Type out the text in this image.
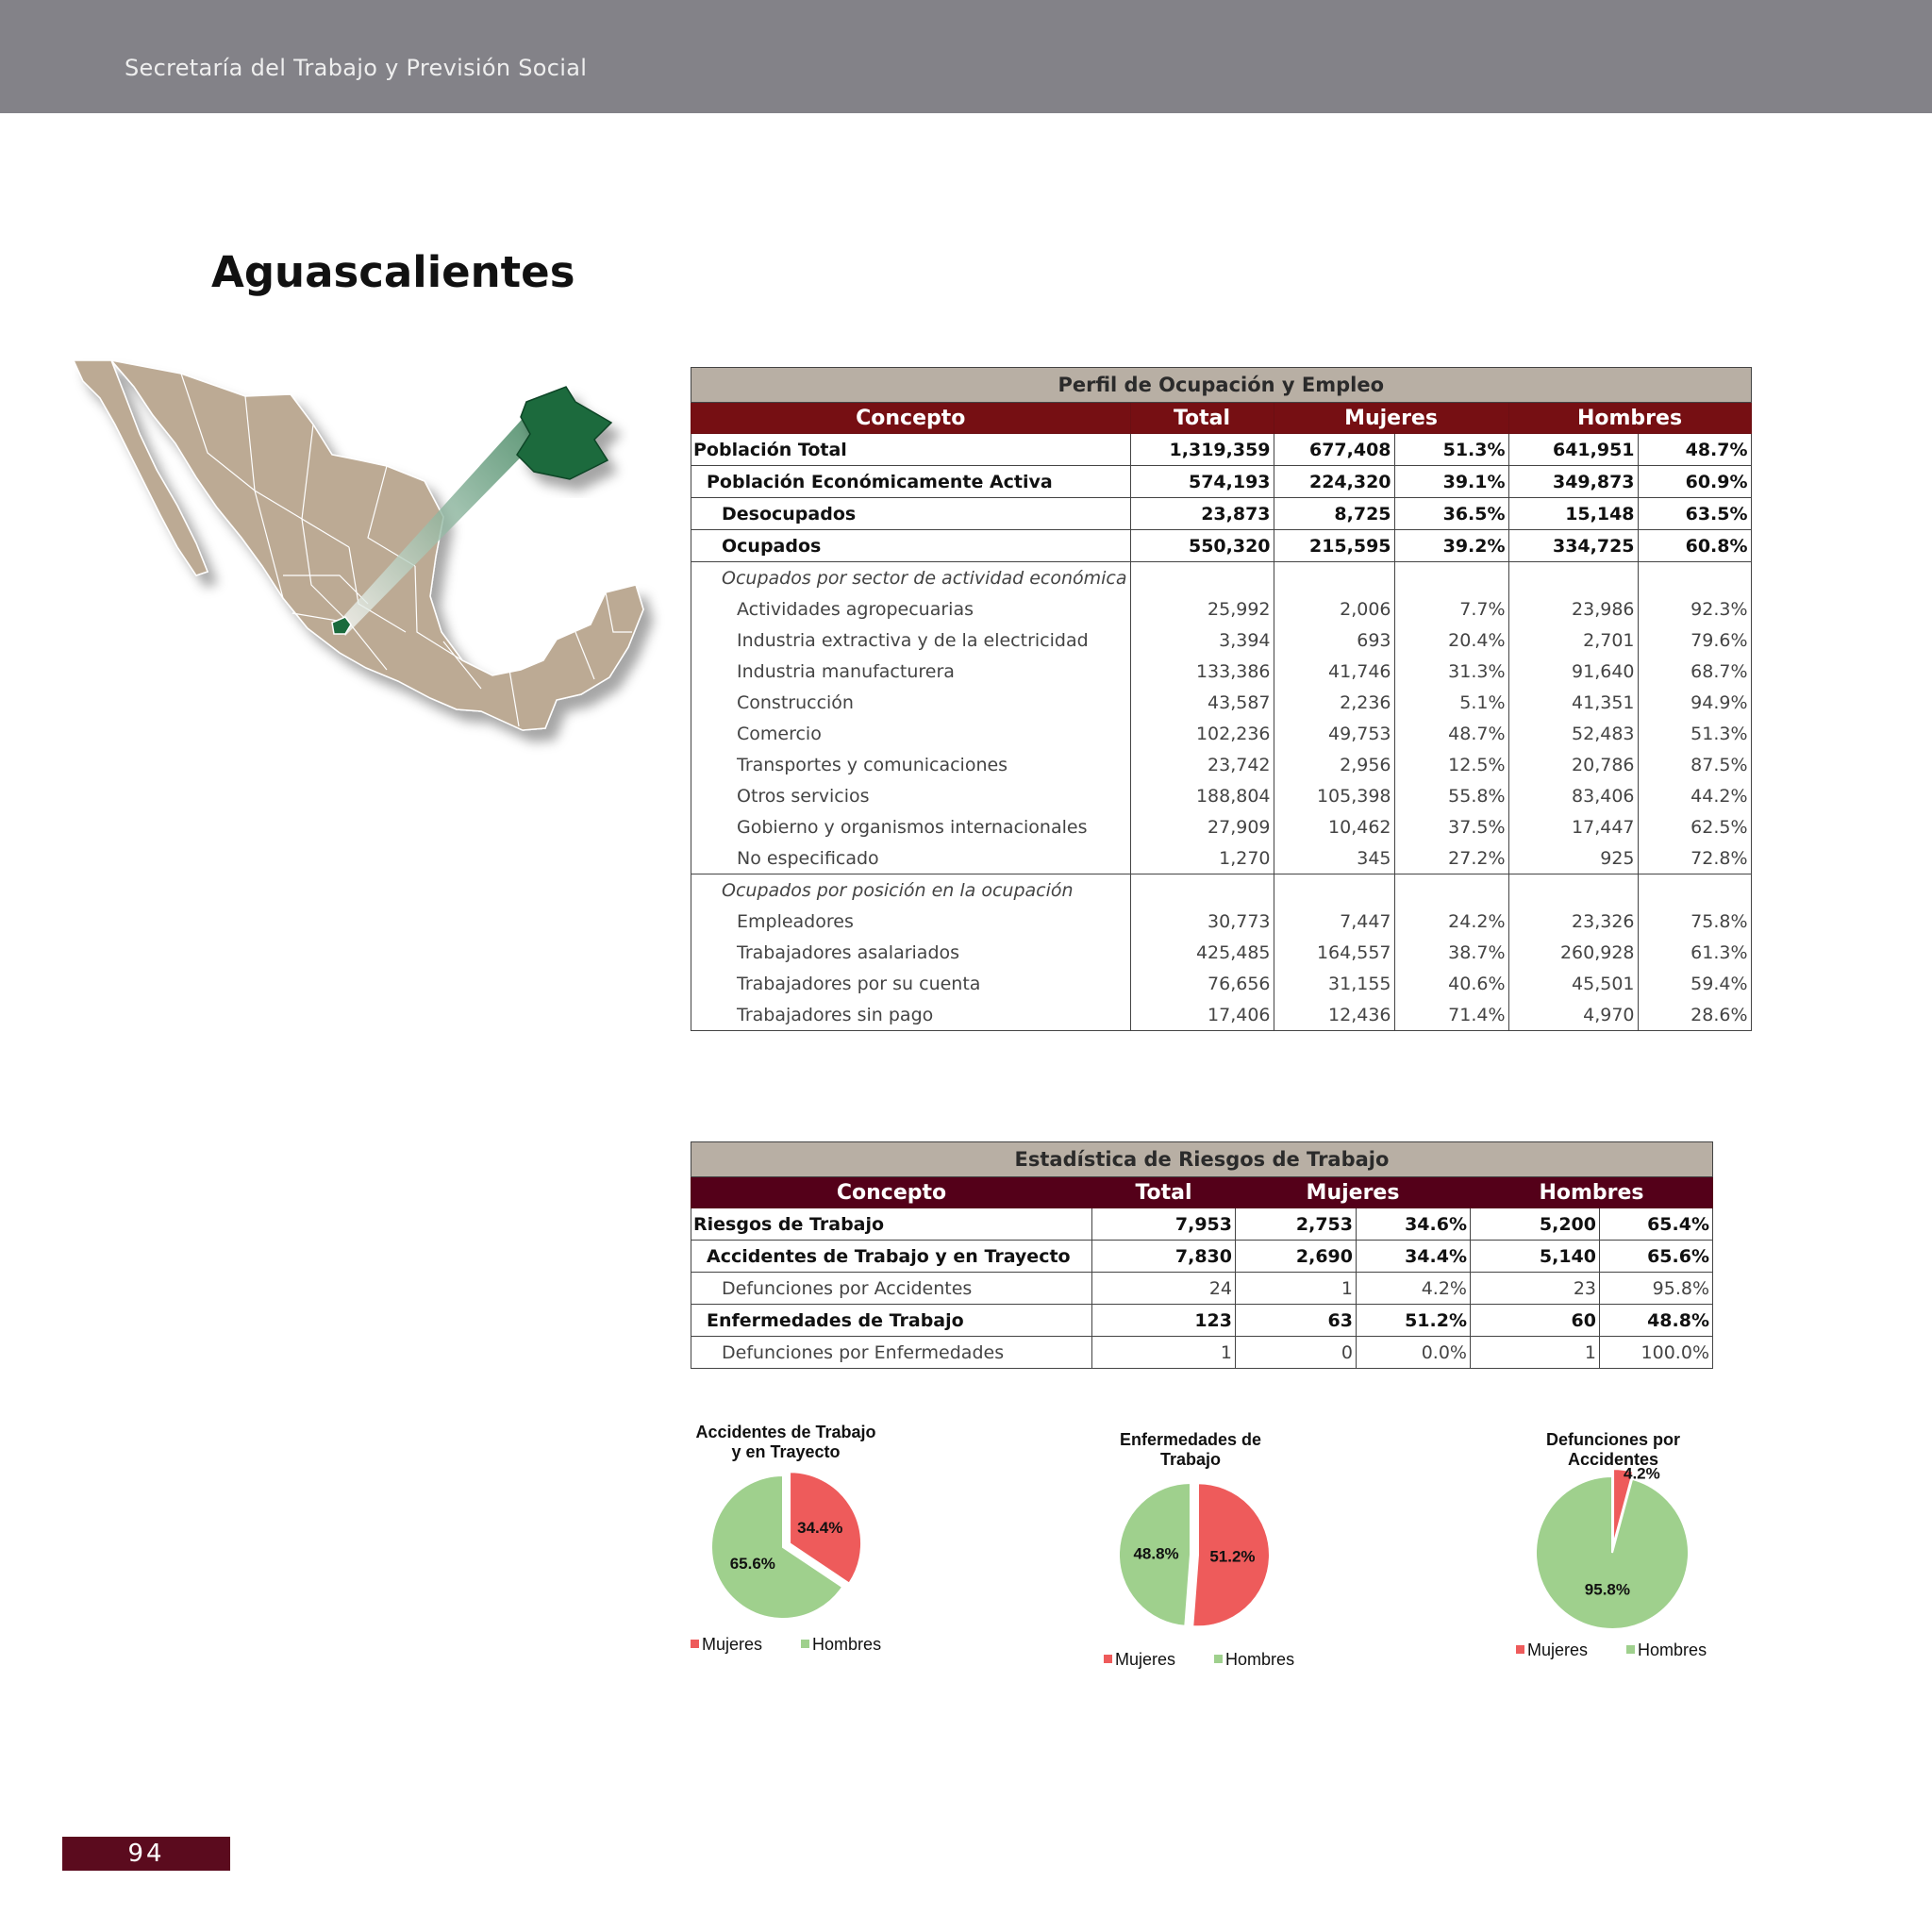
Secretaría del Trabajo y Previsión Social
Aguascalientes
Perfil de Ocupación y Empleo					
Concepto	Total	Mujeres		Hombres	
Población Total	1,319,359	677,408	51.3%	641,951	48.7%
Población Económicamente Activa	574,193	224,320	39.1%	349,873	60.9%
Desocupados	23,873	8,725	36.5%	15,148	63.5%
Ocupados	550,320	215,595	39.2%	334,725	60.8%
Ocupados por sector de actividad económica					
Actividades agropecuarias	25,992	2,006	7.7%	23,986	92.3%
Industria extractiva y de la electricidad	3,394	693	20.4%	2,701	79.6%
Industria manufacturera	133,386	41,746	31.3%	91,640	68.7%
Construcción	43,587	2,236	5.1%	41,351	94.9%
Comercio	102,236	49,753	48.7%	52,483	51.3%
Transportes y comunicaciones	23,742	2,956	12.5%	20,786	87.5%
Otros servicios	188,804	105,398	55.8%	83,406	44.2%
Gobierno y organismos internacionales	27,909	10,462	37.5%	17,447	62.5%
No especificado	1,270	345	27.2%	925	72.8%
Ocupados por posición en la ocupación					
Empleadores	30,773	7,447	24.2%	23,326	75.8%
Trabajadores asalariados	425,485	164,557	38.7%	260,928	61.3%
Trabajadores por su cuenta	76,656	31,155	40.6%	45,501	59.4%
Trabajadores sin pago	17,406	12,436	71.4%	4,970	28.6%
Estadística de Riesgos de Trabajo					
Concepto	Total	Mujeres		Hombres	
Riesgos de Trabajo	7,953	2,753	34.6%	5,200	65.4%
Accidentes de Trabajo y en Trayecto	7,830	2,690	34.4%	5,140	65.6%
Defunciones por Accidentes	24	1	4.2%	23	95.8%
Enfermedades de Trabajo	123	63	51.2%	60	48.8%
Defunciones por Enfermedades	1	0	0.0%	1	100.0%
Accidentes de Trabajo
y en Trayecto
34.4%
65.6%
Mujeres	Hombres
Enfermedades de
Trabajo
51.2%
48.8%
Mujeres	Hombres
Defunciones por
Accidentes
4.2%
95.8%
Mujeres	Hombres
94
